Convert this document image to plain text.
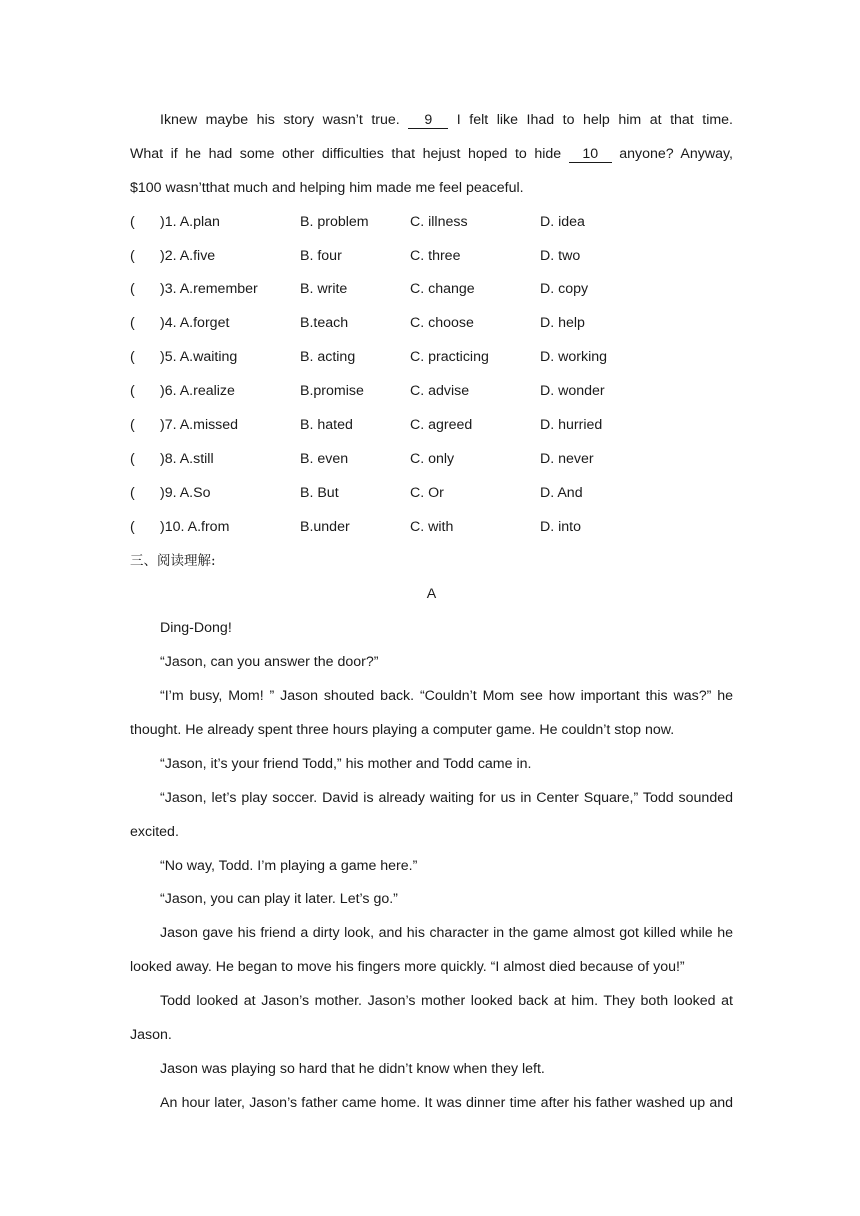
Iknew maybe his story wasn’t true. 9 I felt like Ihad to help him at that time.
What if he had some other difficulties that hejust hoped to hide 10 anyone? Anyway,
$100 wasn’tthat much and helping him made me feel peaceful.
(	)1. A.plan	B. problem	C. illness	D. idea
(	)2. A.five	B. four	C. three	D. two
(	)3. A.remember	B. write	C. change	D. copy
(	)4. A.forget	B.teach	C. choose	D. help
(	)5. A.waiting	B. acting	C. practicing	D. working
(	)6. A.realize	B.promise	C. advise	D. wonder
(	)7. A.missed	B. hated	C. agreed	D. hurried
(	)8. A.still	B. even	C. only	D. never
(	)9. A.So	B. But	C. Or	D. And
(	)10. A.from	B.under	C. with	D. into
三、阅读理解:
A
Ding-Dong!
“Jason, can you answer the door?”
“I’m busy, Mom! ” Jason shouted back. “Couldn’t Mom see how important this was?” he
thought. He already spent three hours playing a computer game. He couldn’t stop now.
“Jason, it’s your friend Todd,” his mother and Todd came in.
“Jason, let’s play soccer. David is already waiting for us in Center Square,” Todd sounded
excited.
“No way, Todd. I’m playing a game here.”
“Jason, you can play it later. Let’s go.”
Jason gave his friend a dirty look, and his character in the game almost got killed while he
looked away. He began to move his fingers more quickly. “I almost died because of you!”
Todd looked at Jason’s mother. Jason’s mother looked back at him. They both looked at
Jason.
Jason was playing so hard that he didn’t know when they left.
An hour later, Jason’s father came home. It was dinner time after his father washed up and
